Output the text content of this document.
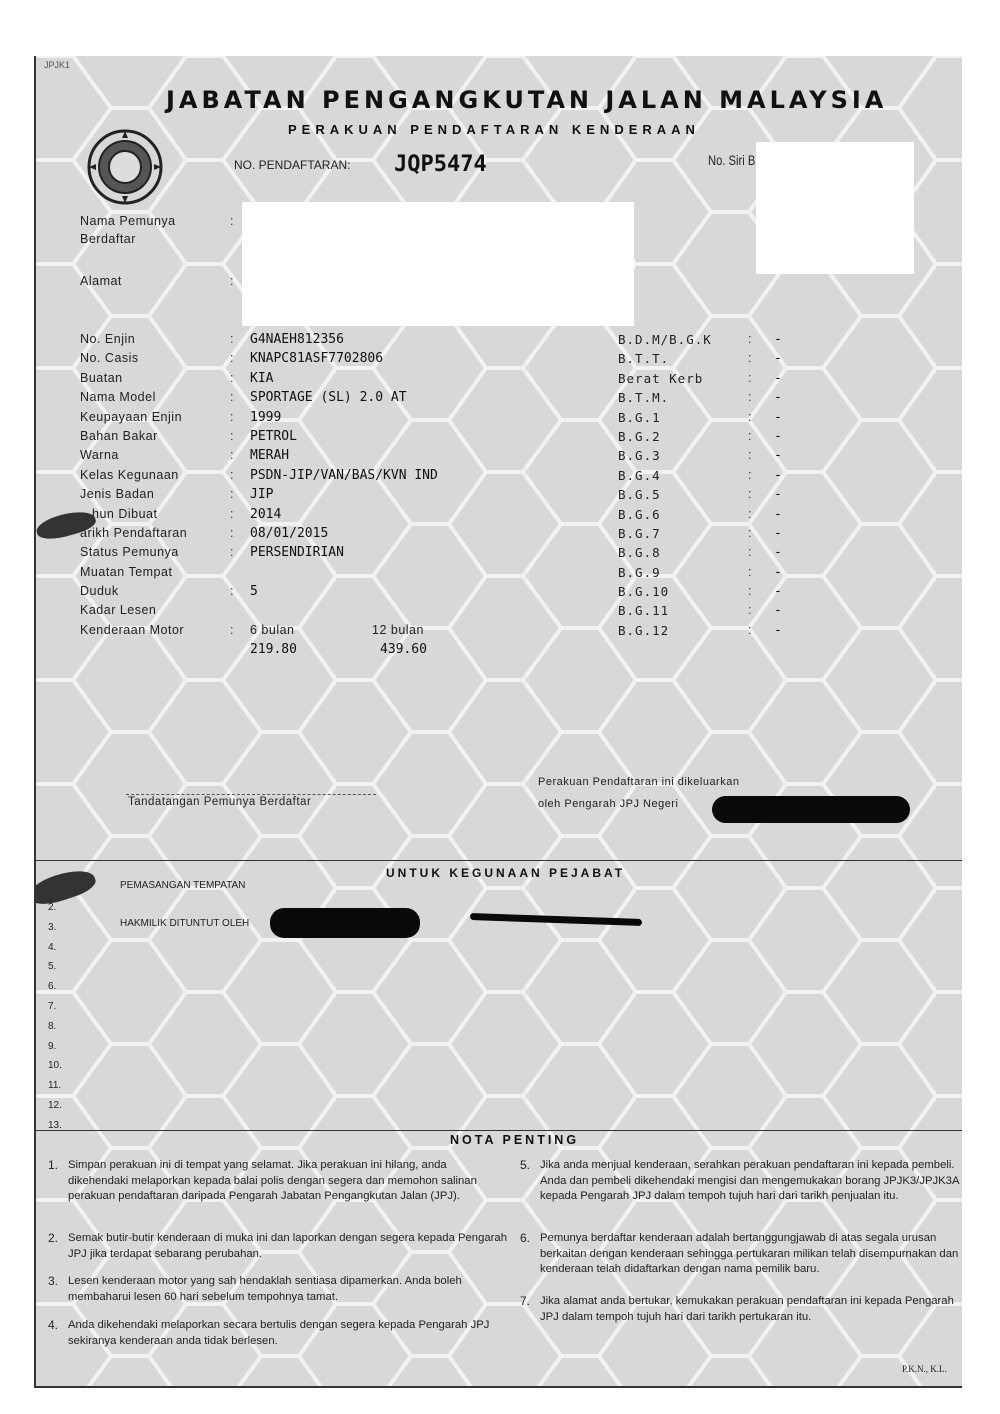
JPJK1
JABATAN PENGANGKUTAN JALAN MALAYSIA
PERAKUAN PENDAFTARAN KENDERAAN
NO. PENDAFTARAN: JQP5474	No. Siri B
Nama Pemunya
Berdaftar
:
Alamat	:
No. Enjin	: G4NAEH812356
No. Casis	: KNAPC81ASF7702806
Buatan	: KIA
Nama Model	: SPORTAGE (SL) 2.0 AT
Keupayaan Enjin	: 1999
Bahan Bakar	: PETROL
Warna	: MERAH
Kelas Kegunaan	: PSDN-JIP/VAN/BAS/KVN IND
Jenis Badan	: JIP
hun Dibuat	: 2014
arikh Pendaftaran	: 08/01/2015
Status Pemunya	: PERSENDIRIAN
Muatan Tempat
Duduk	: 5
Kadar Lesen
Kenderaan Motor	: 6 bulan	12 bulan
219.80	439.60
B.D.M/B.G.K	: -
B.T.T.	: -
Berat Kerb	: -
B.T.M.	: -
B.G.1	: -
B.G.2	: -
B.G.3	: -
B.G.4	: -
B.G.5	: -
B.G.6	: -
B.G.7	: -
B.G.8	: -
B.G.9	: -
B.G.10	: -
B.G.11	: -
B.G.12	: -
Tandatangan Pemunya Berdaftar
Perakuan Pendaftaran ini dikeluarkan
oleh Pengarah JPJ Negeri
UNTUK KEGUNAAN PEJABAT
PEMASANGAN TEMPATAN
HAKMILIK DITUNTUT OLEH
2.
3.
4.
5.
6.
7.
8.
9.
10.
11.
12.
13.
NOTA PENTING
1. Simpan perakuan ini di tempat yang selamat. Jika perakuan ini hilang, anda dikehendaki melaporkan kepada balai polis dengan segera dan memohon salinan perakuan pendaftaran daripada Pengarah Jabatan Pengangkutan Jalan (JPJ).
2. Semak butir-butir kenderaan di muka ini dan laporkan dengan segera kepada Pengarah JPJ jika terdapat sebarang perubahan.
3. Lesen kenderaan motor yang sah hendaklah sentiasa dipamerkan. Anda boleh membaharui lesen 60 hari sebelum tempohnya tamat.
4. Anda dikehendaki melaporkan secara bertulis dengan segera kepada Pengarah JPJ sekiranya kenderaan anda tidak berlesen.
5. Jika anda menjual kenderaan, serahkan perakuan pendaftaran ini kepada pembeli. Anda dan pembeli dikehendaki mengisi dan mengemukakan borang JPJK3/JPJK3A kepada Pengarah JPJ dalam tempoh tujuh hari dari tarikh penjualan itu.
6. Pemunya berdaftar kenderaan adalah bertanggungjawab di atas segala urusan berkaitan dengan kenderaan sehingga pertukaran milikan telah disempurnakan dan kenderaan telah didaftarkan dengan nama pemilik baru.
7. Jika alamat anda bertukar, kemukakan perakuan pendaftaran ini kepada Pengarah JPJ dalam tempoh tujuh hari dari tarikh pertukaran itu.
P.K.N., K.L.
